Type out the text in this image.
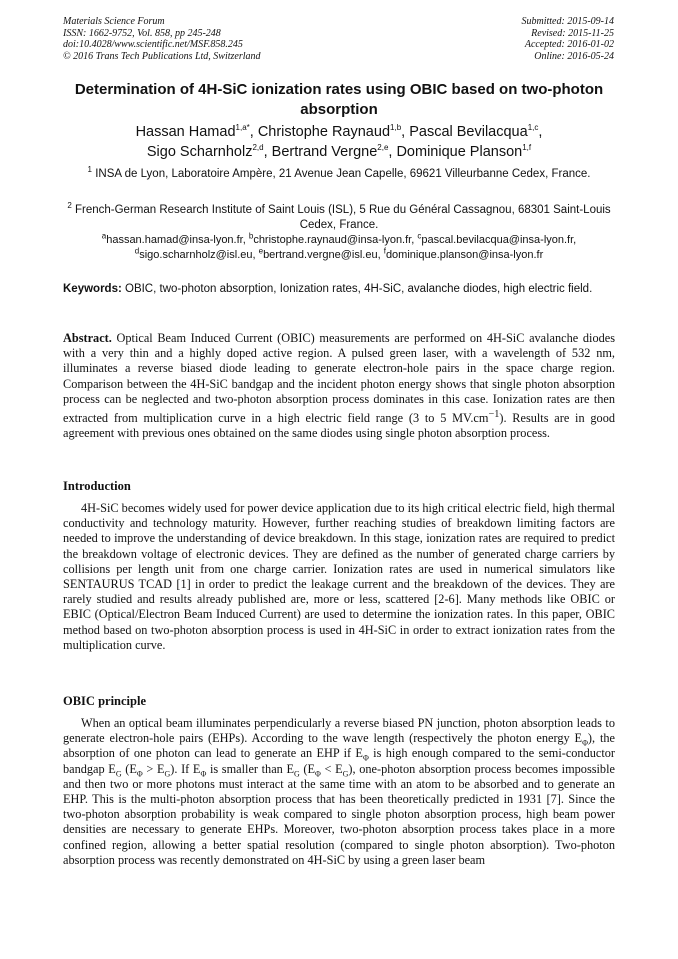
Materials Science Forum
ISSN: 1662-9752, Vol. 858, pp 245-248
doi:10.4028/www.scientific.net/MSF.858.245
© 2016 Trans Tech Publications Ltd, Switzerland
Submitted: 2015-09-14
Revised: 2015-11-25
Accepted: 2016-01-02
Online: 2016-05-24
Determination of 4H-SiC ionization rates using OBIC based on two-photon absorption
Hassan Hamad$^{1,a*}$, Christophe Raynaud$^{1,b}$, Pascal Bevilacqua$^{1,c}$,
Sigo Scharnholz$^{2,d}$, Bertrand Vergne$^{2,e}$, Dominique Planson$^{1,f}$
$^1$ INSA de Lyon, Laboratoire Ampère, 21 Avenue Jean Capelle, 69621 Villeurbanne Cedex, France.
$^2$ French-German Research Institute of Saint Louis (ISL), 5 Rue du Général Cassagnou, 68301 Saint-Louis Cedex, France.
$^a$hassan.hamad@insa-lyon.fr, $^b$christophe.raynaud@insa-lyon.fr, $^c$pascal.bevilacqua@insa-lyon.fr,
$^d$sigo.scharnholz@isl.eu, $^e$bertrand.vergne@isl.eu, $^f$dominique.planson@insa-lyon.fr
Keywords: OBIC, two-photon absorption, Ionization rates, 4H-SiC, avalanche diodes, high electric field.
Abstract. Optical Beam Induced Current (OBIC) measurements are performed on 4H-SiC avalanche diodes with a very thin and a highly doped active region. A pulsed green laser, with a wavelength of 532 nm, illuminates a reverse biased diode leading to generate electron-hole pairs in the space charge region. Comparison between the 4H-SiC bandgap and the incident photon energy shows that single photon absorption process can be neglected and two-photon absorption process dominates in this case. Ionization rates are then extracted from multiplication curve in a high electric field range (3 to 5 $MV.cm^{-1}$). Results are in good agreement with previous ones obtained on the same diodes using single photon absorption process.
Introduction
4H-SiC becomes widely used for power device application due to its high critical electric field, high thermal conductivity and technology maturity. However, further reaching studies of breakdown limiting factors are needed to improve the understanding of device breakdown. In this stage, ionization rates are required to predict the breakdown voltage of electronic devices. They are defined as the number of generated charge carriers by collisions per length unit from one charge carrier. Ionization rates are used in numerical simulators like SENTAURUS TCAD [1] in order to predict the leakage current and the breakdown of the devices. They are rarely studied and results already published are, more or less, scattered [2-6]. Many methods like OBIC or EBIC (Optical/Electron Beam Induced Current) are used to determine the ionization rates. In this paper, OBIC method based on two-photon absorption process is used in 4H-SiC in order to extract ionization rates from the multiplication curve.
OBIC principle
When an optical beam illuminates perpendicularly a reverse biased PN junction, photon absorption leads to generate electron-hole pairs (EHPs). According to the wave length (respectively the photon energy $E_\Phi$), the absorption of one photon can lead to generate an EHP if $E_\Phi$ is high enough compared to the semi-conductor bandgap $E_G$ $(E_\Phi > E_G)$. If $E_\Phi$ is smaller than $E_G$ $(E_\Phi < E_G)$, one-photon absorption process becomes impossible and then two or more photons must interact at the same time with an atom to be absorbed and to generate an EHP. This is the multi-photon absorption process that has been theoretically predicted in 1931 [7]. Since the two-photon absorption probability is weak compared to single photon absorption process, high beam power densities are necessary to generate EHPs. Moreover, two-photon absorption process takes place in a more confined region, allowing a better spatial resolution (compared to single photon absorption). Two-photon absorption process was recently demonstrated on 4H-SiC by using a green laser beam
